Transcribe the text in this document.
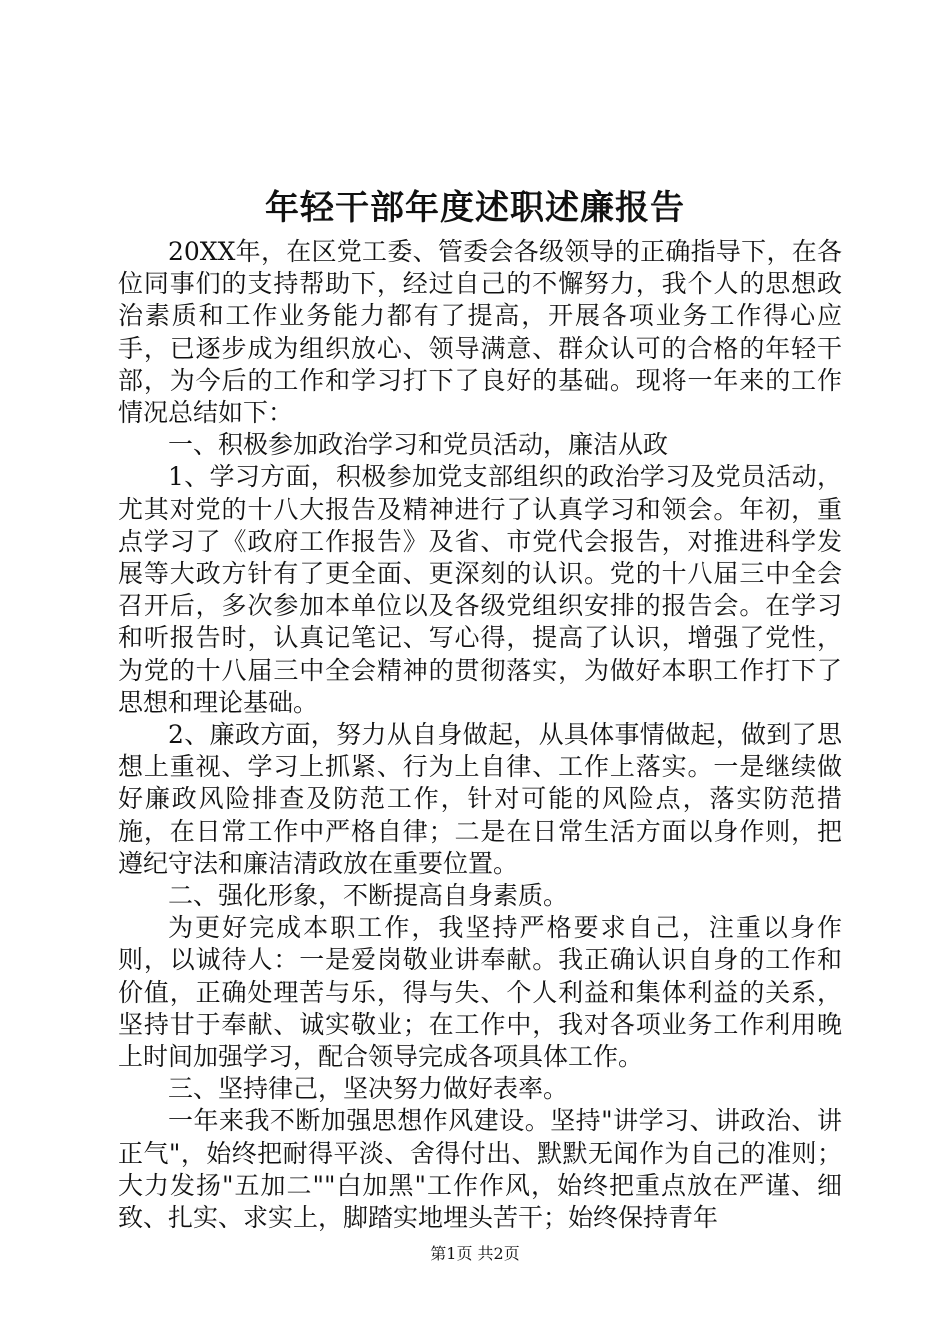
年轻干部年度述职述廉报告

20XX年，在区党工委、管委会各级领导的正确指导下，在各位同事们的支持帮助下，经过自己的不懈努力，我个人的思想政治素质和工作业务能力都有了提高，开展各项业务工作得心应手，已逐步成为组织放心、领导满意、群众认可的合格的年轻干部，为今后的工作和学习打下了良好的基础。现将一年来的工作情况总结如下：

一、积极参加政治学习和党员活动，廉洁从政

1、学习方面，积极参加党支部组织的政治学习及党员活动，尤其对党的十八大报告及精神进行了认真学习和领会。年初，重点学习了《政府工作报告》及省、市党代会报告，对推进科学发展等大政方针有了更全面、更深刻的认识。党的十八届三中全会召开后，多次参加本单位以及各级党组织安排的报告会。在学习和听报告时，认真记笔记、写心得，提高了认识，增强了党性，为党的十八届三中全会精神的贯彻落实，为做好本职工作打下了思想和理论基础。

2、廉政方面，努力从自身做起，从具体事情做起，做到了思想上重视、学习上抓紧、行为上自律、工作上落实。一是继续做好廉政风险排查及防范工作，针对可能的风险点，落实防范措施，在日常工作中严格自律；二是在日常生活方面以身作则，把遵纪守法和廉洁清政放在重要位置。

二、强化形象，不断提高自身素质。

为更好完成本职工作，我坚持严格要求自己，注重以身作则，以诚待人：一是爱岗敬业讲奉献。我正确认识自身的工作和价值，正确处理苦与乐，得与失、个人利益和集体利益的关系，坚持甘于奉献、诚实敬业；在工作中，我对各项业务工作利用晚上时间加强学习，配合领导完成各项具体工作。

三、坚持律己，坚决努力做好表率。

一年来我不断加强思想作风建设。坚持"讲学习、讲政治、讲正气"，始终把耐得平淡、舍得付出、默默无闻作为自己的准则；大力发扬"五加二""白加黑"工作作风，始终把重点放在严谨、细致、扎实、求实上，脚踏实地埋头苦干；始终保持青年

第1页 共2页
